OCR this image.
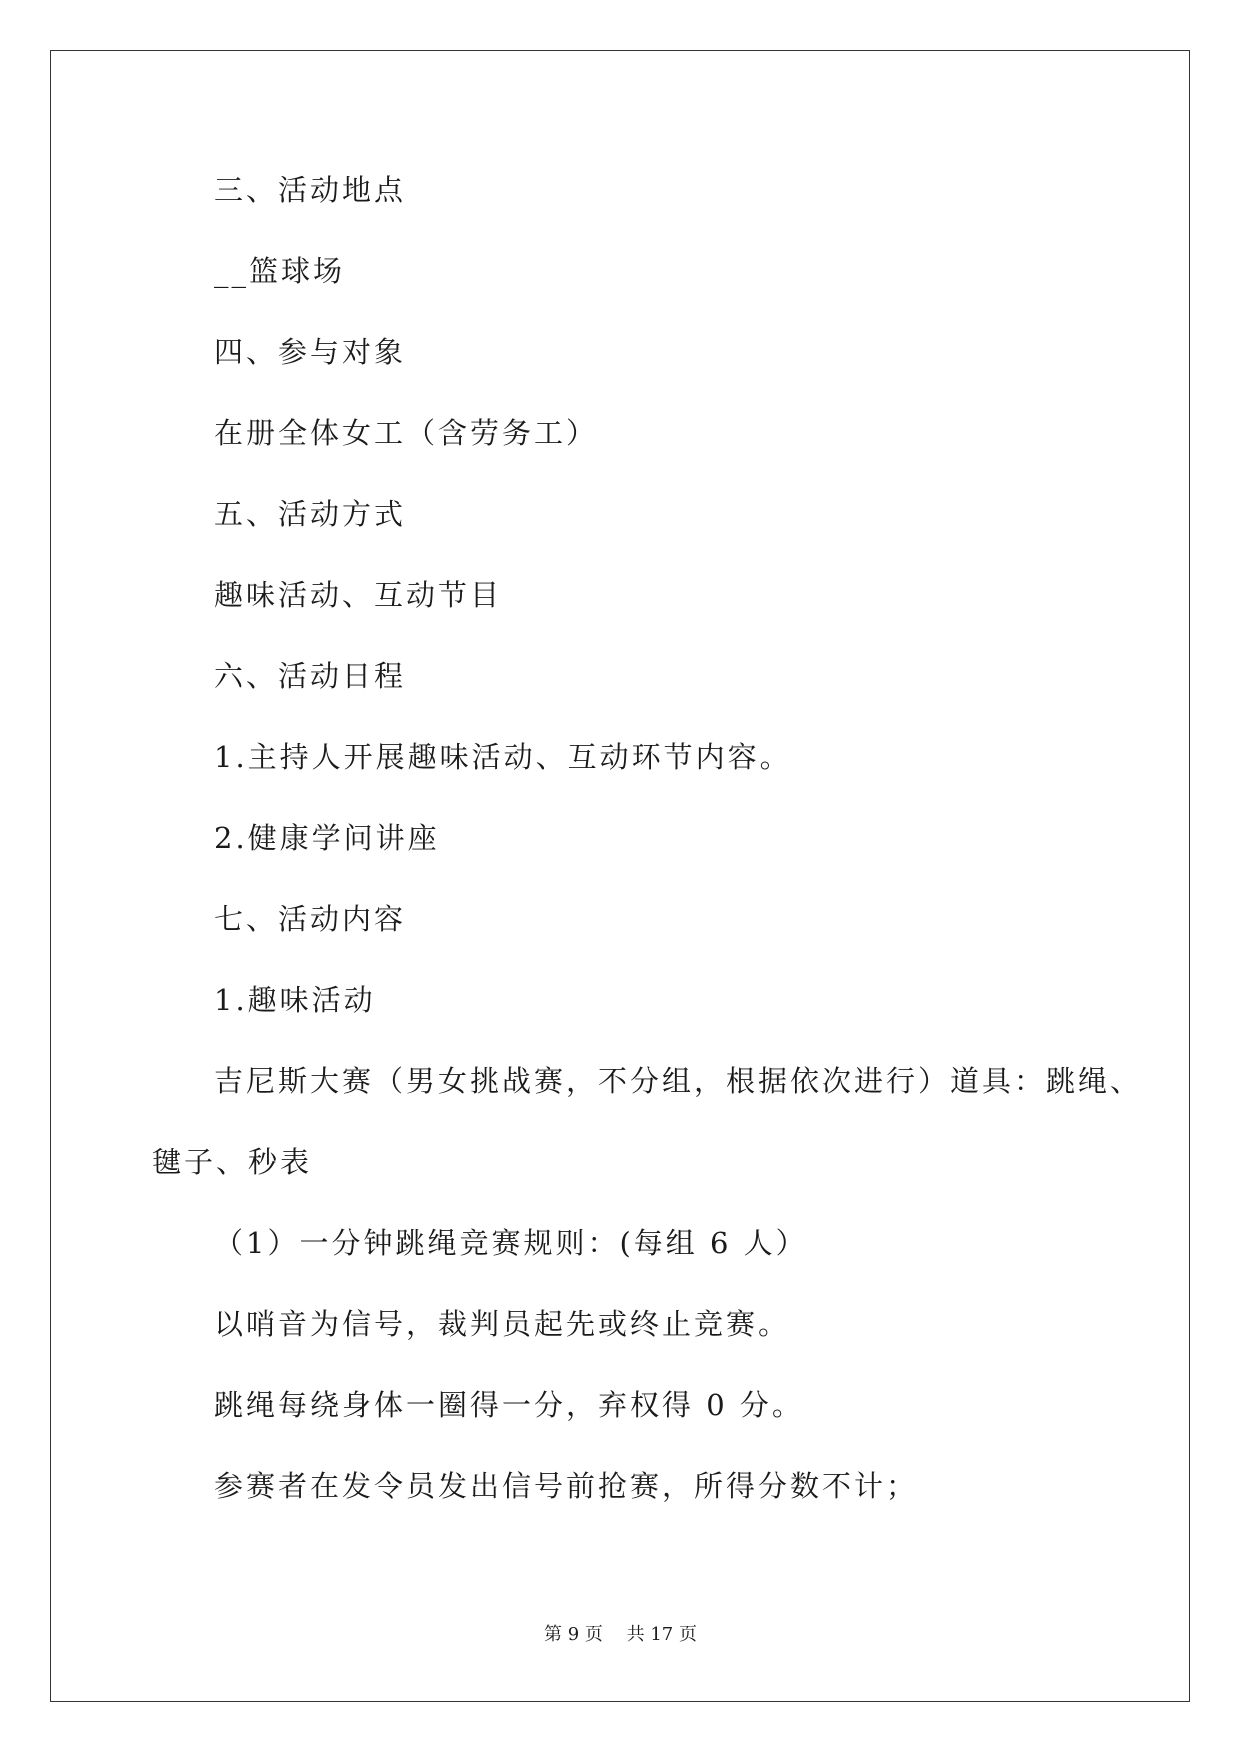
三、活动地点
__篮球场
四、参与对象
在册全体女工（含劳务工）
五、活动方式
趣味活动、互动节目
六、活动日程
1.主持人开展趣味活动、互动环节内容。
2.健康学问讲座
七、活动内容
1.趣味活动
吉尼斯大赛（男女挑战赛，不分组，根据依次进行）道具：跳绳、
毽子、秒表
（1）一分钟跳绳竞赛规则：(每组 6 人）
以哨音为信号，裁判员起先或终止竞赛。
跳绳每绕身体一圈得一分，弃权得 0 分。
参赛者在发令员发出信号前抢赛，所得分数不计；
第 9 页　 共 17 页
